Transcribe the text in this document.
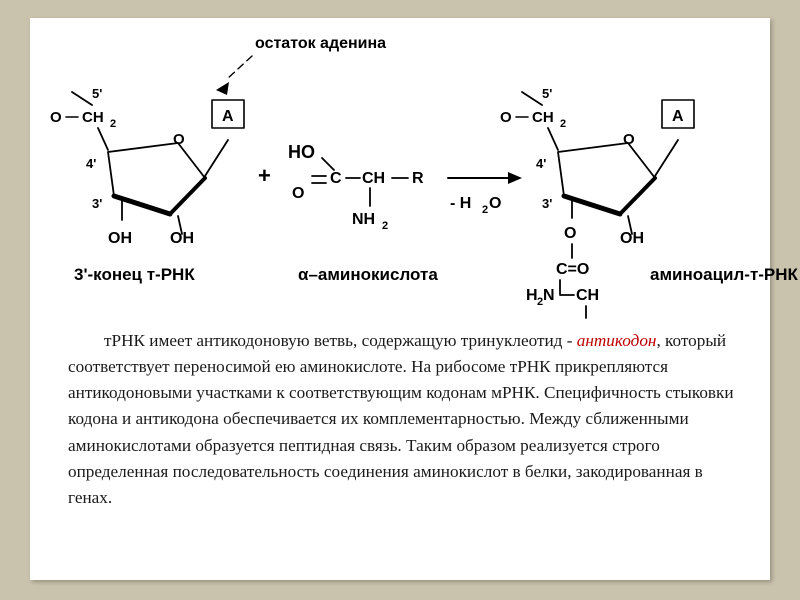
остаток аденина
O CH 2
5'
O
4'
3'
A
OH OH
3'-конец т-РНК
+
HO
C
O
CH R
NH 2
α–аминокислота
- H 2 O
O CH 2
5'
O
4'
3'
A
OH
O
C=O
H 2 N CH
аминоацил-т-РНК
тРНК имеет антикодоновую ветвь, содержащую тринуклеотид - антикодон, который соответствует переносимой ею аминокислоте. На рибосоме тРНК прикрепляются антикодоновыми участками к соответствующим кодонам мРНК. Специфичность стыковки кодона и антикодона обеспечивается их комплементарностью. Между сближенными аминокислотами образуется пептидная связь. Таким образом реализуется строго определенная последовательность соединения аминокислот в белки, закодированная в генах.
